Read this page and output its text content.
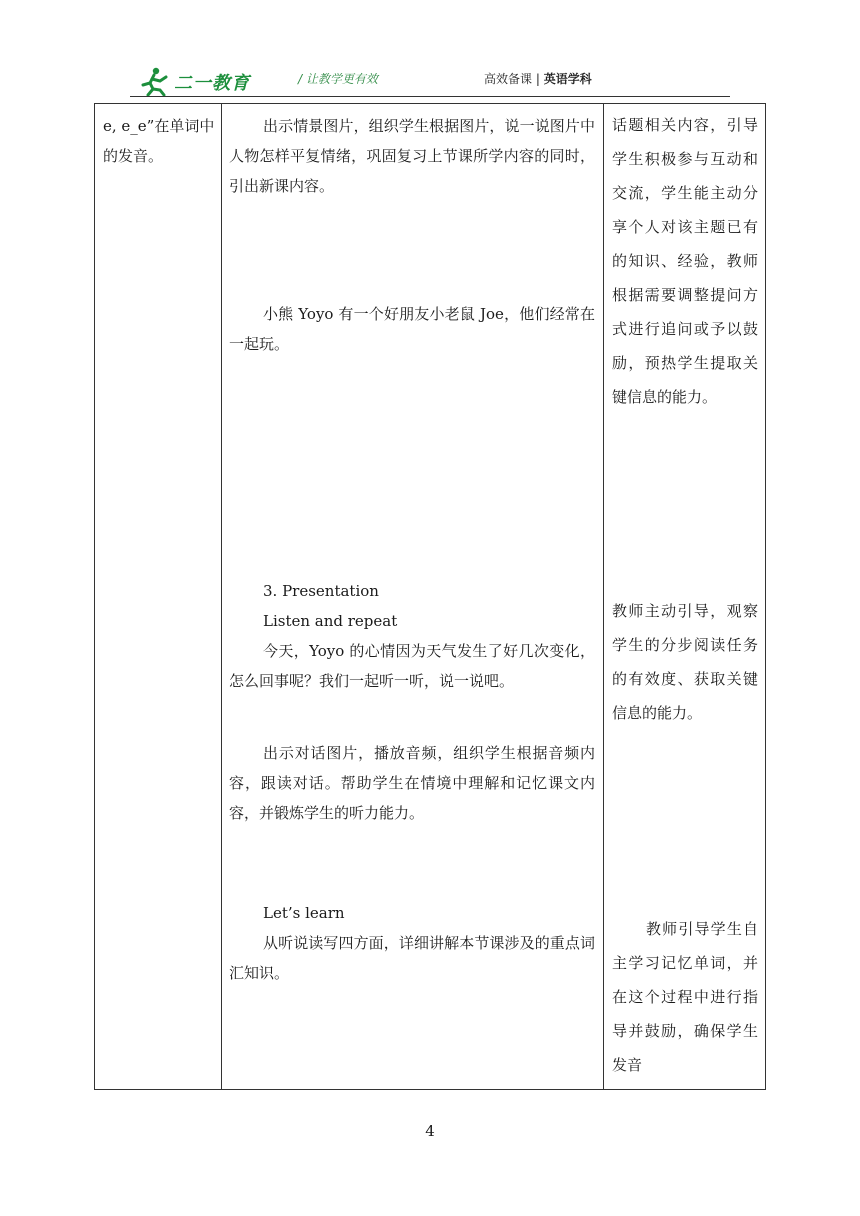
二一教育	/ 让教学更有效	高效备课 | 英语学科
e, e_e”在单词中的发音。
出示情景图片，组织学生根据图片，说一说图片中人物怎样平复情绪，巩固复习上节课所学内容的同时，引出新课内容。
小熊 Yoyo 有一个好朋友小老鼠 Joe，他们经常在一起玩。
3. Presentation
Listen and repeat
今天，Yoyo 的心情因为天气发生了好几次变化，怎么回事呢？我们一起听一听，说一说吧。
出示对话图片，播放音频，组织学生根据音频内容，跟读对话。帮助学生在情境中理解和记忆课文内容，并锻炼学生的听力能力。
Let’s learn
从听说读写四方面，详细讲解本节课涉及的重点词汇知识。
话题相关内容，引导学生积极参与互动和交流，学生能主动分享个人对该主题已有的知识、经验，教师根据需要调整提问方式进行追问或予以鼓励，预热学生提取关键信息的能力。
教师主动引导，观察学生的分步阅读任务的有效度、获取关键信息的能力。
教师引导学生自主学习记忆单词，并在这个过程中进行指导并鼓励，确保学生发音
4
